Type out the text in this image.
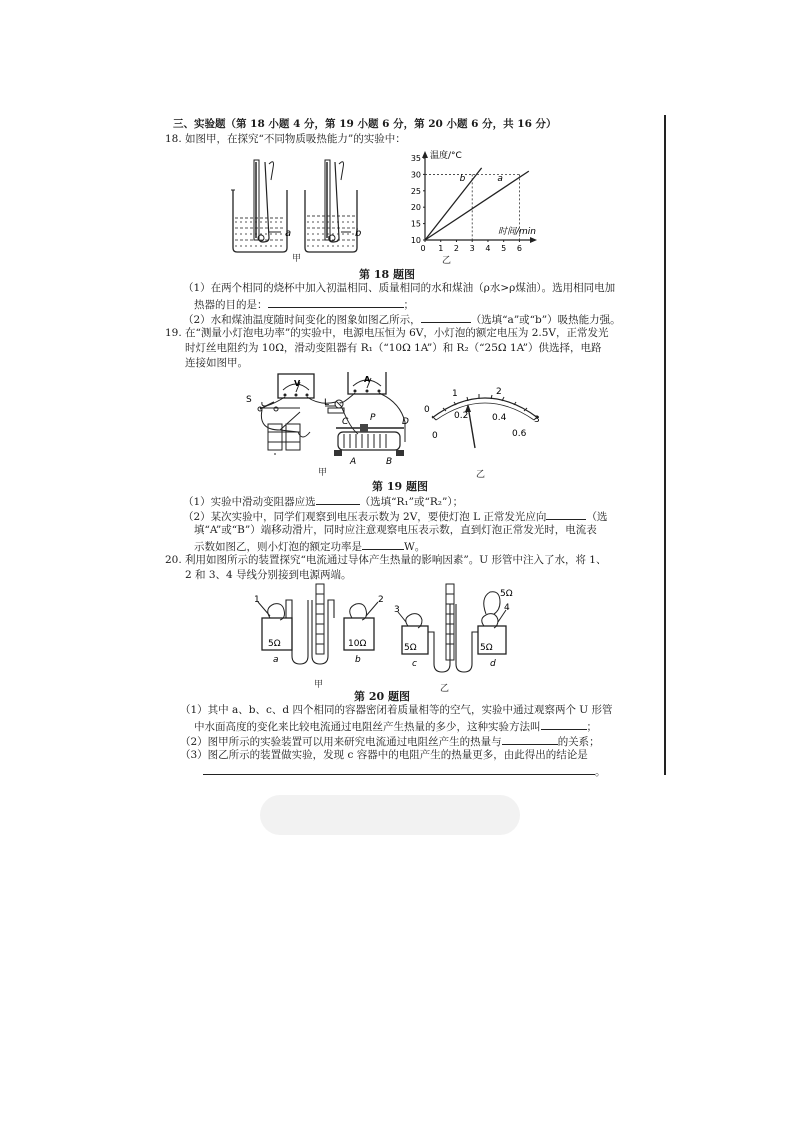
三、实验题（第 18 小题 4 分，第 19 小题 6 分，第 20 小题 6 分，共 16 分）
18. 如图甲，在探究“不同物质吸热能力”的实验中：
a	b
甲
b	a
10
15
20
25
30
35
0 1 2 3 4 5 6
温度/°C
时间/min
乙
第 18 题图
（1）在两个相同的烧杯中加入初温相同、质量相同的水和煤油（ρ水>ρ煤油）。选用相同电加
热器的目的是：	；
（2）水和煤油温度随时间变化的图象如图乙所示，	（选填“a”或“b”）吸热能力强。
19. 在“测量小灯泡电功率”的实验中，电源电压恒为 6V，小灯泡的额定电压为 2.5V，正常发光
时灯丝电阻约为 10Ω，滑动变阻器有 R₁（“10Ω 1A”）和 R₂（“25Ω 1A”）供选择，电路
连接如图甲。
V	A
S	L
C P	D
A	B
甲
0
1	2
3
0.2	0.4
0.6
0
乙
第 19 题图
（1）实验中滑动变阻器应选	（选填“R₁”或“R₂”）；
（2）某次实验中，同学们观察到电压表示数为 2V，要使灯泡 L 正常发光应向	（选
填“A”或“B”）端移动滑片，同时应注意观察电压表示数，直到灯泡正常发光时，电流表
示数如图乙，则小灯泡的额定功率是	W。
20. 利用如图所示的装置探究“电流通过导体产生热量的影响因素”。U 形管中注入了水，将 1、
2 和 3、4 导线分别接到电源两端。
1	2
5Ω	10Ω
a	b
3	4
5Ω
5Ω	5Ω
c	d
甲	乙
第 20 题图
（1）其中 a、b、c、d 四个相同的容器密闭着质量相等的空气，实验中通过观察两个 U 形管
中水面高度的变化来比较电流通过电阻丝产生热量的多少，这种实验方法叫	；
（2）图甲所示的实验装置可以用来研究电流通过电阻丝产生的热量与	的关系；
（3）图乙所示的装置做实验，发现 c 容器中的电阻产生的热量更多，由此得出的结论是
。
